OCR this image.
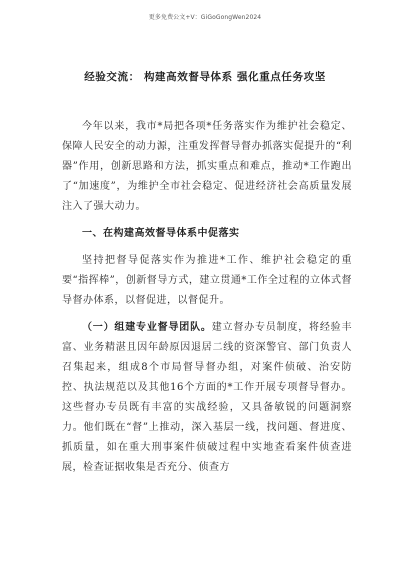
更多免费公文+V：GiGoGongWen2024
经验交流： 构建高效督导体系 强化重点任务攻坚

今年以来，我市*局把各项*任务落实作为维护社会稳定、保障人民安全的动力源，注重发挥督导督办抓落实促提升的“利器”作用，创新思路和方法，抓实重点和难点，推动*工作跑出了“加速度”，为维护全市社会稳定、促进经济社会高质量发展注入了强大动力。

一、在构建高效督导体系中促落实

坚持把督导促落实作为推进*工作、维护社会稳定的重要“指挥棒”，创新督导方式，建立贯通*工作全过程的立体式督导督办体系，以督促进，以督促升。

（一）组建专业督导团队。建立督办专员制度，将经验丰富、业务精湛且因年龄原因退居二线的资深警官、部门负责人召集起来，组成8个市局督导督办组，对案件侦破、治安防控、执法规范以及其他16个方面的*工作开展专项督导督办。这些督办专员既有丰富的实战经验，又具备敏锐的问题洞察力。他们既在“督”上推动，深入基层一线，找问题、督进度、抓质量，如在重大刑事案件侦破过程中实地查看案件侦查进展，检查证据收集是否充分、侦查方
